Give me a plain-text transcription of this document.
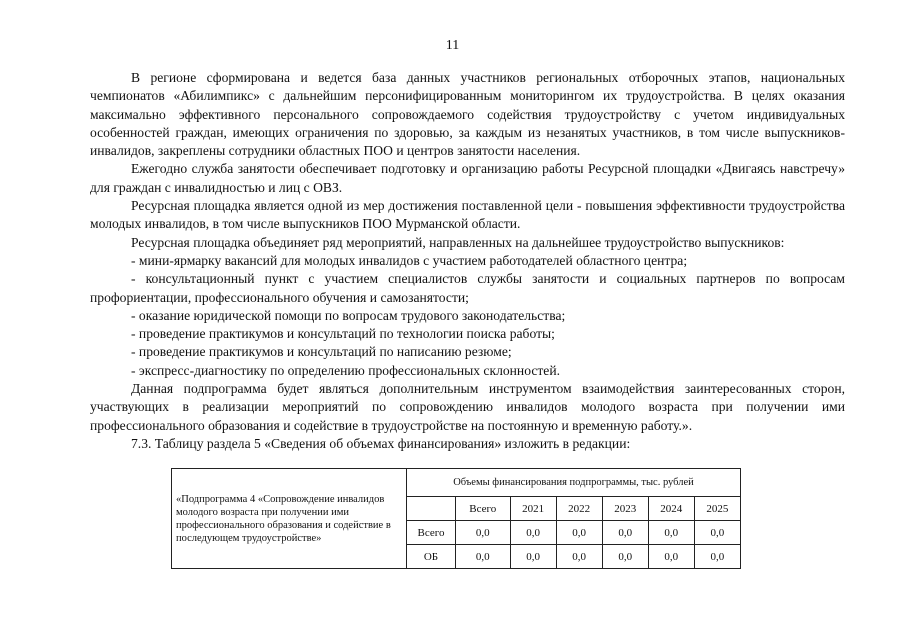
11

В регионе сформирована и ведется база данных участников региональных отборочных этапов, национальных чемпионатов «Абилимпикс» с дальнейшим персонифицированным мониторингом их трудоустройства. В целях оказания максимально эффективного персонального сопровождаемого содействия трудоустройству с учетом индивидуальных особенностей граждан, имеющих ограничения по здоровью, за каждым из незанятых участников, в том числе выпускников-инвалидов, закреплены сотрудники областных ПОО и центров занятости населения.

Ежегодно служба занятости обеспечивает подготовку и организацию работы Ресурсной площадки «Двигаясь навстречу» для граждан с инвалидностью и лиц с ОВЗ.

Ресурсная площадка является одной из мер достижения поставленной цели - повышения эффективности трудоустройства молодых инвалидов, в том числе выпускников ПОО Мурманской области.

Ресурсная площадка объединяет ряд мероприятий, направленных на дальнейшее трудоустройство выпускников:

- мини-ярмарку вакансий для молодых инвалидов с участием работодателей областного центра;

- консультационный пункт с участием специалистов службы занятости и социальных партнеров по вопросам профориентации, профессионального обучения и самозанятости;

- оказание юридической помощи по вопросам трудового законодательства;

- проведение практикумов и консультаций по технологии поиска работы;

- проведение практикумов и консультаций по написанию резюме;

- экспресс-диагностику по определению профессиональных склонностей.

Данная подпрограмма будет являться дополнительным инструментом взаимодействия заинтересованных сторон, участвующих в реализации мероприятий по сопровождению инвалидов молодого возраста при получении ими профессионального образования и содействие в трудоустройстве на постоянную и временную работу.».

7.3. Таблицу раздела 5 «Сведения об объемах финансирования» изложить в редакции:

«Подпрограмма 4 «Сопровождение инвалидов молодого возраста при получении ими профессионального образования и содействие в последующем трудоустройстве»	Объемы финансирования подпрограммы, тыс. рублей						
		Всего	2021	2022	2023	2024	2025
	Всего	0,0	0,0	0,0	0,0	0,0	0,0
	ОБ	0,0	0,0	0,0	0,0	0,0	0,0
